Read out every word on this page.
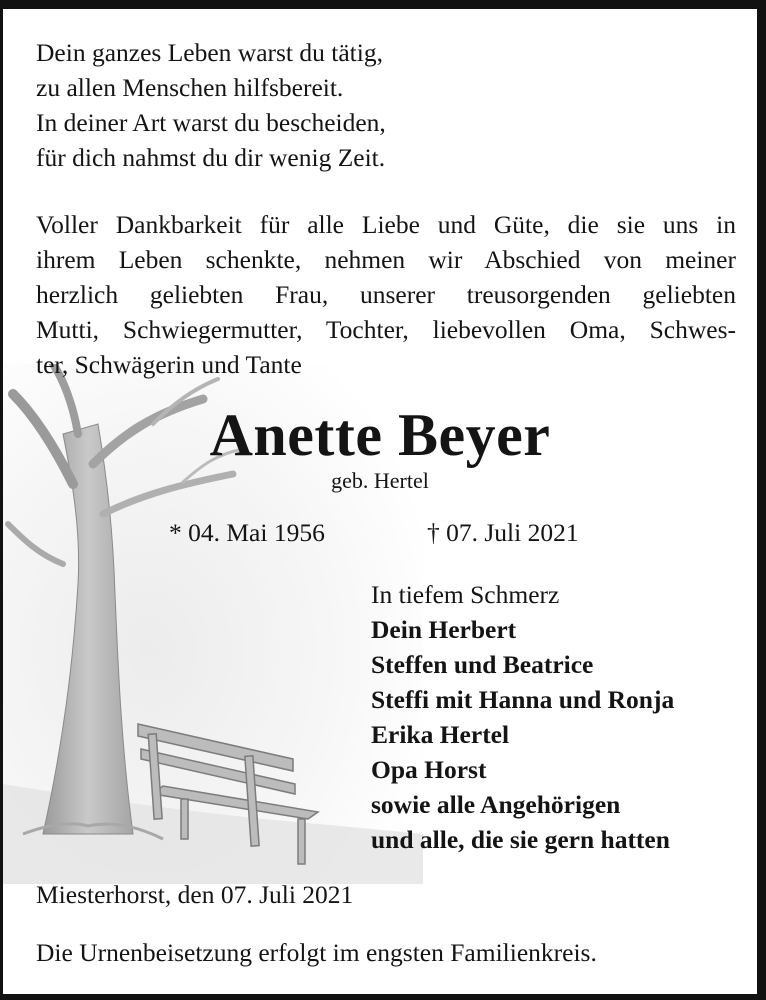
Dein ganzes Leben warst du tätig,
zu allen Menschen hilfsbereit.
In deiner Art warst du bescheiden,
für dich nahmst du dir wenig Zeit.
Voller Dankbarkeit für alle Liebe und Güte, die sie uns in
ihrem Leben schenkte, nehmen wir Abschied von meiner
herzlich geliebten Frau, unserer treusorgenden geliebten
Mutti, Schwiegermutter, Tochter, liebevollen Oma, Schwes-
ter, Schwägerin und Tante
Anette Beyer
geb. Hertel
* 04. Mai 1956	† 07. Juli 2021
In tiefem Schmerz
Dein Herbert
Steffen und Beatrice
Steffi mit Hanna und Ronja
Erika Hertel
Opa Horst
sowie alle Angehörigen
und alle, die sie gern hatten
Miesterhorst, den 07. Juli 2021
Die Urnenbeisetzung erfolgt im engsten Familienkreis.
